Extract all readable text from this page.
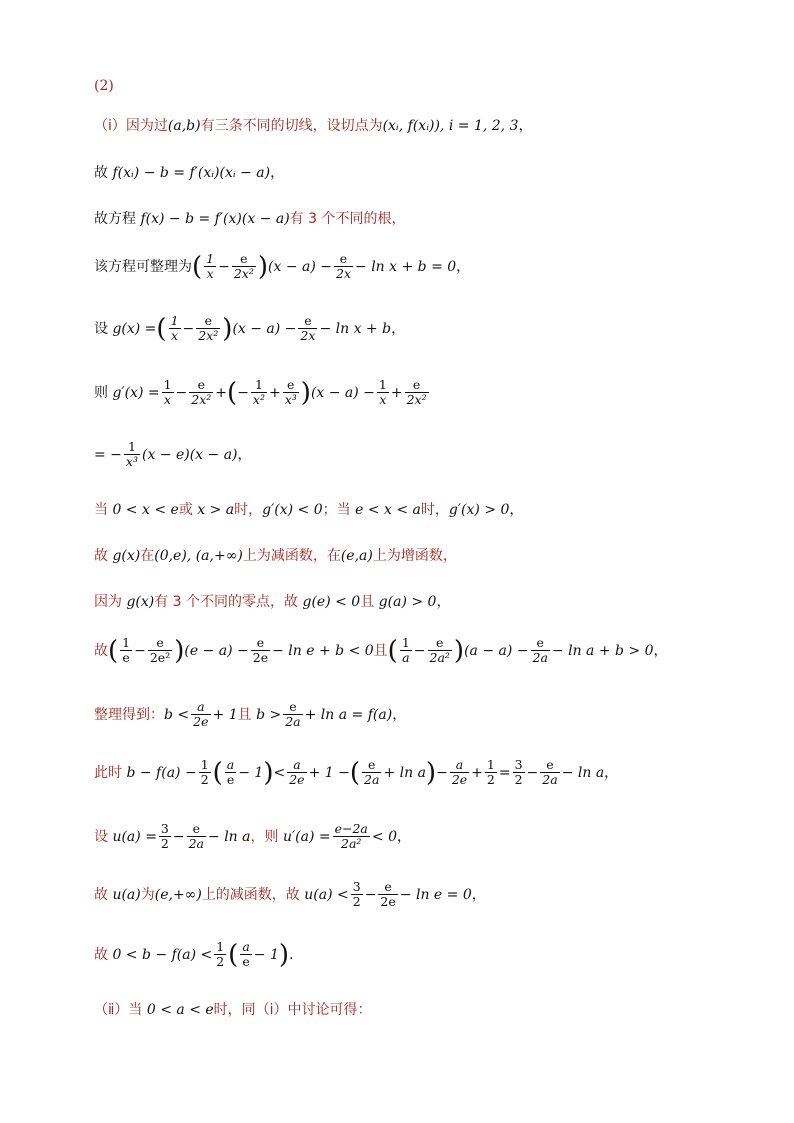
(2)
（ⅰ）因为过(a,b)有三条不同的切线，设切点为(xᵢ, f(xᵢ)), i = 1, 2, 3，
故 f(xᵢ) − b = f′(xᵢ)(xᵢ − a)，
故方程 f(x) − b = f′(x)(x − a)有 3 个不同的根，
该方程可整理为( $\frac{1}{x} - \frac{e}{\text{2x²}} )(x - a) - \frac{e}{2x} - \ln x + b = 0$，
设 g(x) =( $\frac{1}{x} - \frac{e}{\text{2x²}} )(x - a) - \frac{e}{2x} - \ln x + b$，
则 $g'(x) = \frac{1}{x} - \frac{e}{\text{2x²}}$ +(− $\frac{1}{\text{x²}} + \frac{e}{\text{x³}} )(x - a) - \frac{1}{x} + \frac{e}{\text{2x²}}$
= − $\frac{1}{\text{x³}} (x - e)(x - a)$，
当 0 < x < e或 x > a时，g′(x) < 0；当 e < x < a时，g′(x) > 0，
故 g(x)在(0,e), (a,+∞)上为减函数，在(e,a)上为增函数，
因为 g(x)有 3 个不同的零点，故 g(e) < 0且 g(a) > 0，
故( $\frac{1}{e} - \frac{e}{\text{2e²}} )(e - a) - \frac{e}{2e} - \ln e + b < 0$且( $\frac{1}{a} - \frac{e}{\text{2a²}} )(a - a) - \frac{e}{2a} - \ln a + b > 0$，
整理得到：$b < \frac{a}{2e} + 1$且 $b > \frac{e}{2a} + \ln a = f(a)$，
此时 $b - f(a) - \frac{1}{2}$ ( $\frac{a}{e} - 1)< \frac{a}{2e} + 1$ −( $\frac{e}{2a} + \ln a)- \frac{a}{2e} + \frac{1}{2} = \frac{3}{2} - \frac{e}{2a} - \ln a$，
设 $u(a) = \frac{3}{2} - \frac{e}{2a} - \ln a$，则 $u'(a) = \frac{e-2a}{\text{2a²}} < 0$，
故 u(a)为(e,+∞)上的减函数，故 $u(a) < \frac{3}{2} - \frac{e}{2e} - \ln e = 0$，
故 $0 < b - f(a) < \frac{1}{2}$ ( $\frac{a}{e} - 1$).
（ⅱ）当 0 < a < e时，同（ⅰ）中讨论可得：
